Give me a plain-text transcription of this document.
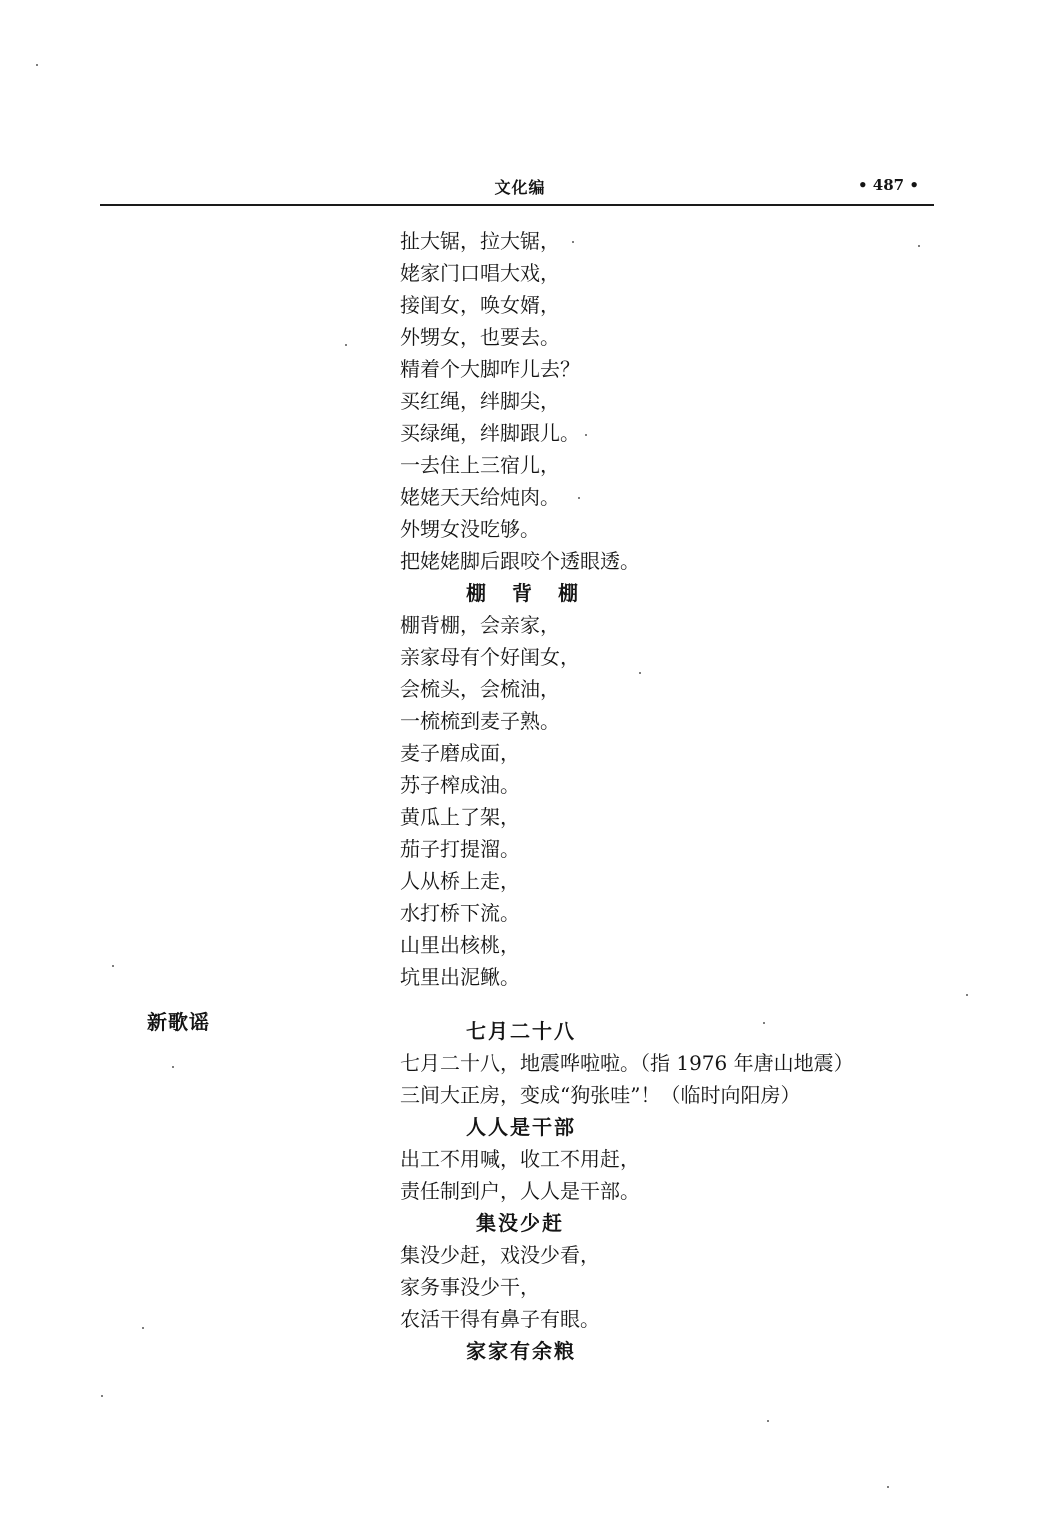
文化编	• 487 •
新歌谣
扯大锯，拉大锯，
姥家门口唱大戏，
接闺女，唤女婿，
外甥女，也要去。
精着个大脚咋儿去？
买红绳，绊脚尖，
买绿绳，绊脚跟儿。
一去住上三宿儿，
姥姥天天给炖肉。
外甥女没吃够。
把姥姥脚后跟咬个透眼透。
棚背棚
棚背棚，会亲家，
亲家母有个好闺女，
会梳头，会梳油，
一梳梳到麦子熟。
麦子磨成面，
苏子榨成油。
黄瓜上了架，
茄子打提溜。
人从桥上走，
水打桥下流。
山里出核桃，
坑里出泥鳅。
七月二十八
七月二十八，地震哗啦啦。（指 1976 年唐山地震）
三间大正房，变成“狗张哇”！（临时向阳房）
人人是干部
出工不用喊，收工不用赶，
责任制到户，人人是干部。
集没少赶
集没少赶，戏没少看，
家务事没少干，
农活干得有鼻子有眼。
家家有余粮
